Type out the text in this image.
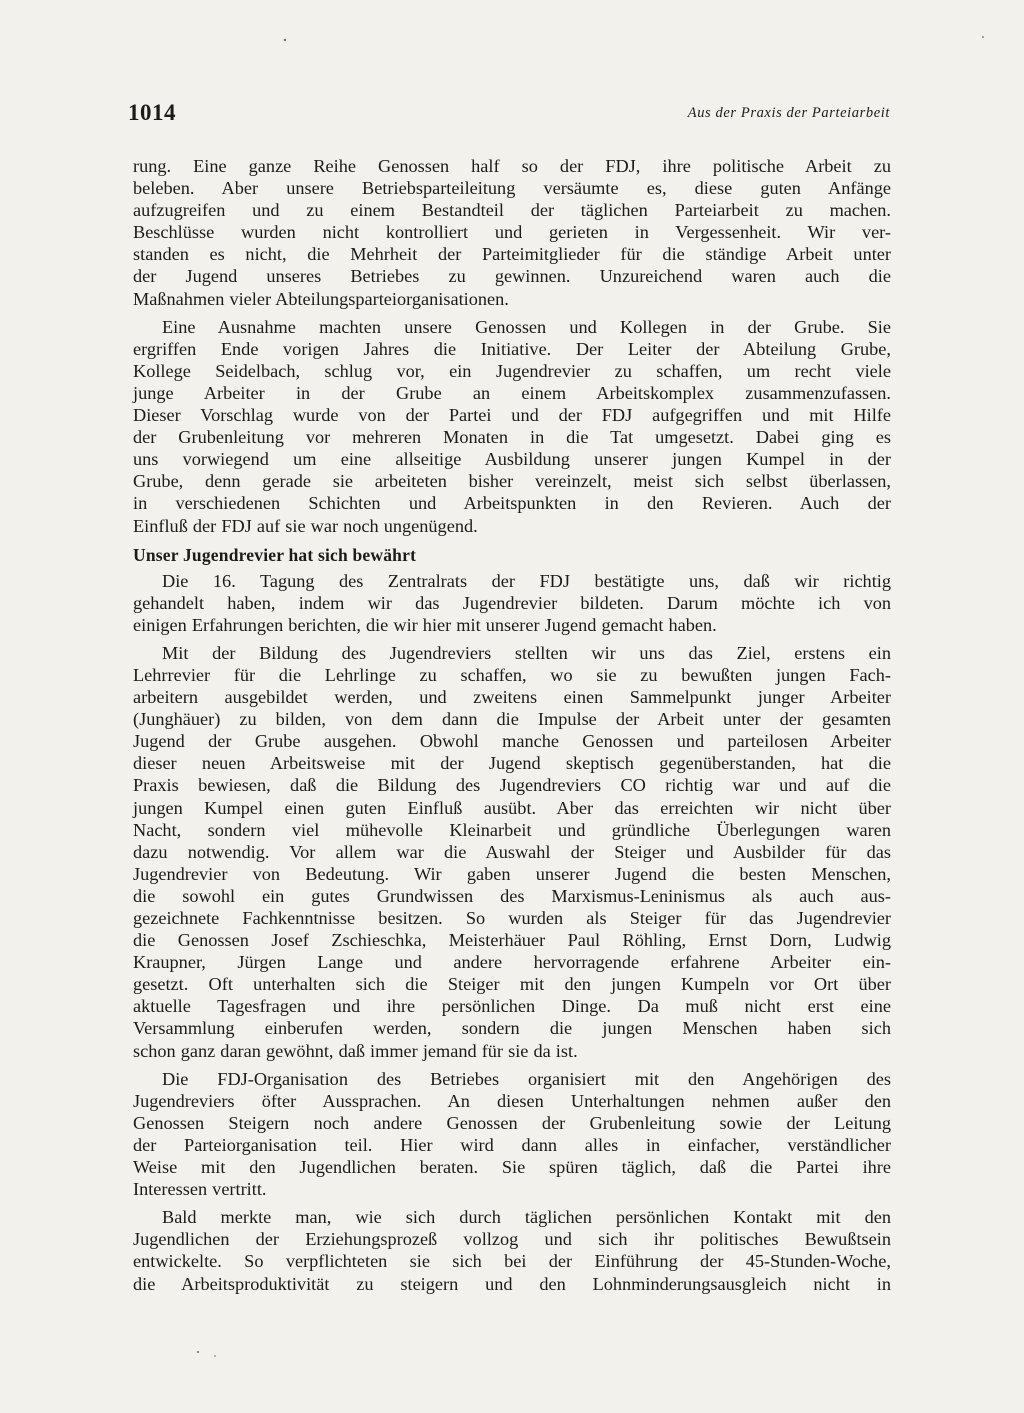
1014	Aus der Praxis der Parteiarbeit
rung. Eine ganze Reihe Genossen half so der FDJ, ihre politische Arbeit zu
beleben. Aber unsere Betriebsparteileitung versäumte es, diese guten Anfänge
aufzugreifen und zu einem Bestandteil der täglichen Parteiarbeit zu machen.
Beschlüsse wurden nicht kontrolliert und gerieten in Vergessenheit. Wir ver-
standen es nicht, die Mehrheit der Parteimitglieder für die ständige Arbeit unter
der Jugend unseres Betriebes zu gewinnen. Unzureichend waren auch die
Maßnahmen vieler Abteilungsparteiorganisationen.
Eine Ausnahme machten unsere Genossen und Kollegen in der Grube. Sie
ergriffen Ende vorigen Jahres die Initiative. Der Leiter der Abteilung Grube,
Kollege Seidelbach, schlug vor, ein Jugendrevier zu schaffen, um recht viele
junge Arbeiter in der Grube an einem Arbeitskomplex zusammenzufassen.
Dieser Vorschlag wurde von der Partei und der FDJ aufgegriffen und mit Hilfe
der Grubenleitung vor mehreren Monaten in die Tat umgesetzt. Dabei ging es
uns vorwiegend um eine allseitige Ausbildung unserer jungen Kumpel in der
Grube, denn gerade sie arbeiteten bisher vereinzelt, meist sich selbst überlassen,
in verschiedenen Schichten und Arbeitspunkten in den Revieren. Auch der
Einfluß der FDJ auf sie war noch ungenügend.
Unser Jugendrevier hat sich bewährt
Die 16. Tagung des Zentralrats der FDJ bestätigte uns, daß wir richtig
gehandelt haben, indem wir das Jugendrevier bildeten. Darum möchte ich von
einigen Erfahrungen berichten, die wir hier mit unserer Jugend gemacht haben.
Mit der Bildung des Jugendreviers stellten wir uns das Ziel, erstens ein
Lehrrevier für die Lehrlinge zu schaffen, wo sie zu bewußten jungen Fach-
arbeitern ausgebildet werden, und zweitens einen Sammelpunkt junger Arbeiter
(Junghäuer) zu bilden, von dem dann die Impulse der Arbeit unter der gesamten
Jugend der Grube ausgehen. Obwohl manche Genossen und parteilosen Arbeiter
dieser neuen Arbeitsweise mit der Jugend skeptisch gegenüberstanden, hat die
Praxis bewiesen, daß die Bildung des Jugendreviers CO richtig war und auf die
jungen Kumpel einen guten Einfluß ausübt. Aber das erreichten wir nicht über
Nacht, sondern viel mühevolle Kleinarbeit und gründliche Überlegungen waren
dazu notwendig. Vor allem war die Auswahl der Steiger und Ausbilder für das
Jugendrevier von Bedeutung. Wir gaben unserer Jugend die besten Menschen,
die sowohl ein gutes Grundwissen des Marxismus-Leninismus als auch aus-
gezeichnete Fachkenntnisse besitzen. So wurden als Steiger für das Jugendrevier
die Genossen Josef Zschieschka, Meisterhäuer Paul Röhling, Ernst Dorn, Ludwig
Kraupner, Jürgen Lange und andere hervorragende erfahrene Arbeiter ein-
gesetzt. Oft unterhalten sich die Steiger mit den jungen Kumpeln vor Ort über
aktuelle Tagesfragen und ihre persönlichen Dinge. Da muß nicht erst eine
Versammlung einberufen werden, sondern die jungen Menschen haben sich
schon ganz daran gewöhnt, daß immer jemand für sie da ist.
Die FDJ-Organisation des Betriebes organisiert mit den Angehörigen des
Jugendreviers öfter Aussprachen. An diesen Unterhaltungen nehmen außer den
Genossen Steigern noch andere Genossen der Grubenleitung sowie der Leitung
der Parteiorganisation teil. Hier wird dann alles in einfacher, verständlicher
Weise mit den Jugendlichen beraten. Sie spüren täglich, daß die Partei ihre
Interessen vertritt.
Bald merkte man, wie sich durch täglichen persönlichen Kontakt mit den
Jugendlichen der Erziehungsprozeß vollzog und sich ihr politisches Bewußtsein
entwickelte. So verpflichteten sie sich bei der Einführung der 45-Stunden-Woche,
die Arbeitsproduktivität zu steigern und den Lohnminderungsausgleich nicht in
